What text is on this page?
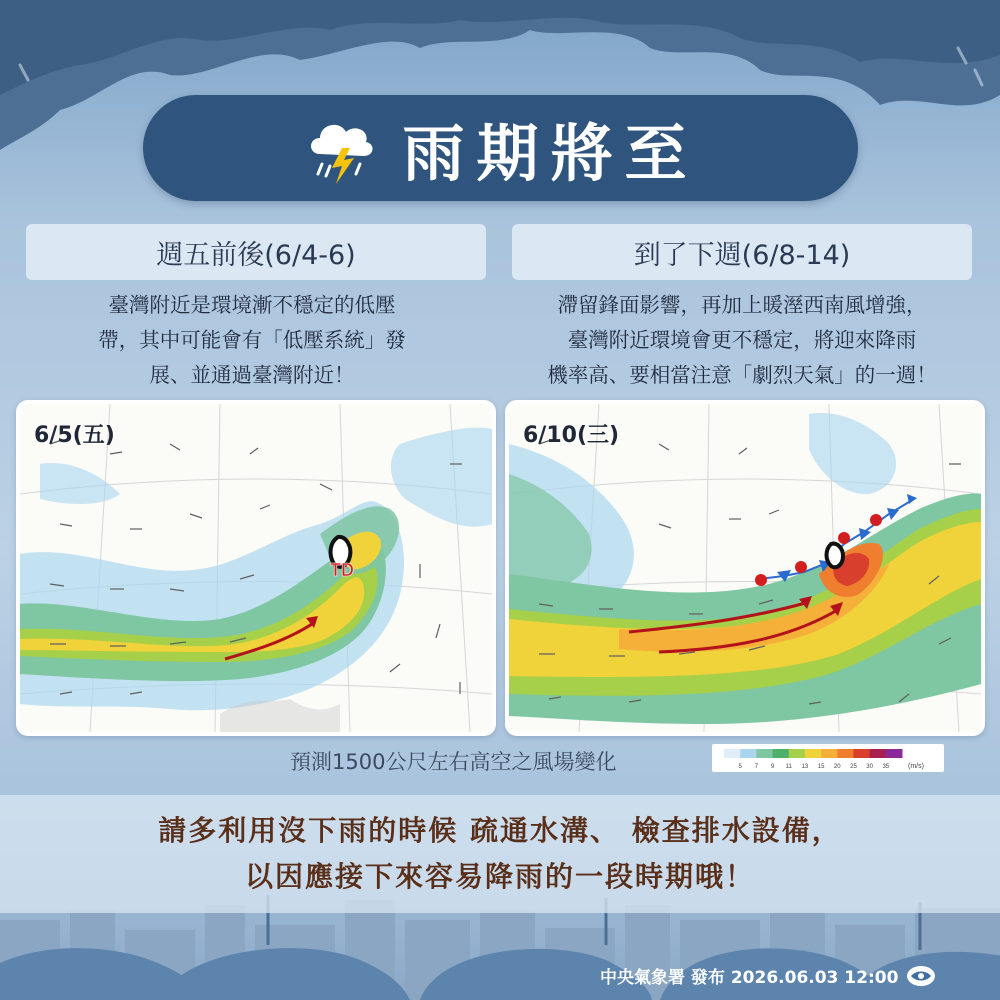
雨期將至
週五前後(6/4-6)	到了下週(6/8-14)
臺灣附近是環境漸不穩定的低壓
帶，其中可能會有「低壓系統」發
展、並通過臺灣附近！
滯留鋒面影響，再加上暖溼西南風增強，
臺灣附近環境會更不穩定，將迎來降雨
機率高、要相當注意「劇烈天氣」的一週！
TD
6/5(五)	6/10(三)
預測1500公尺左右高空之風場變化	5 7 9 11 13 15 20 25 30 35	(m/s)
請多利用沒下雨的時候 疏通水溝、 檢查排水設備，
以因應接下來容易降雨的一段時期哦！
中央氣象署 發布 2026.06.03 12:00
